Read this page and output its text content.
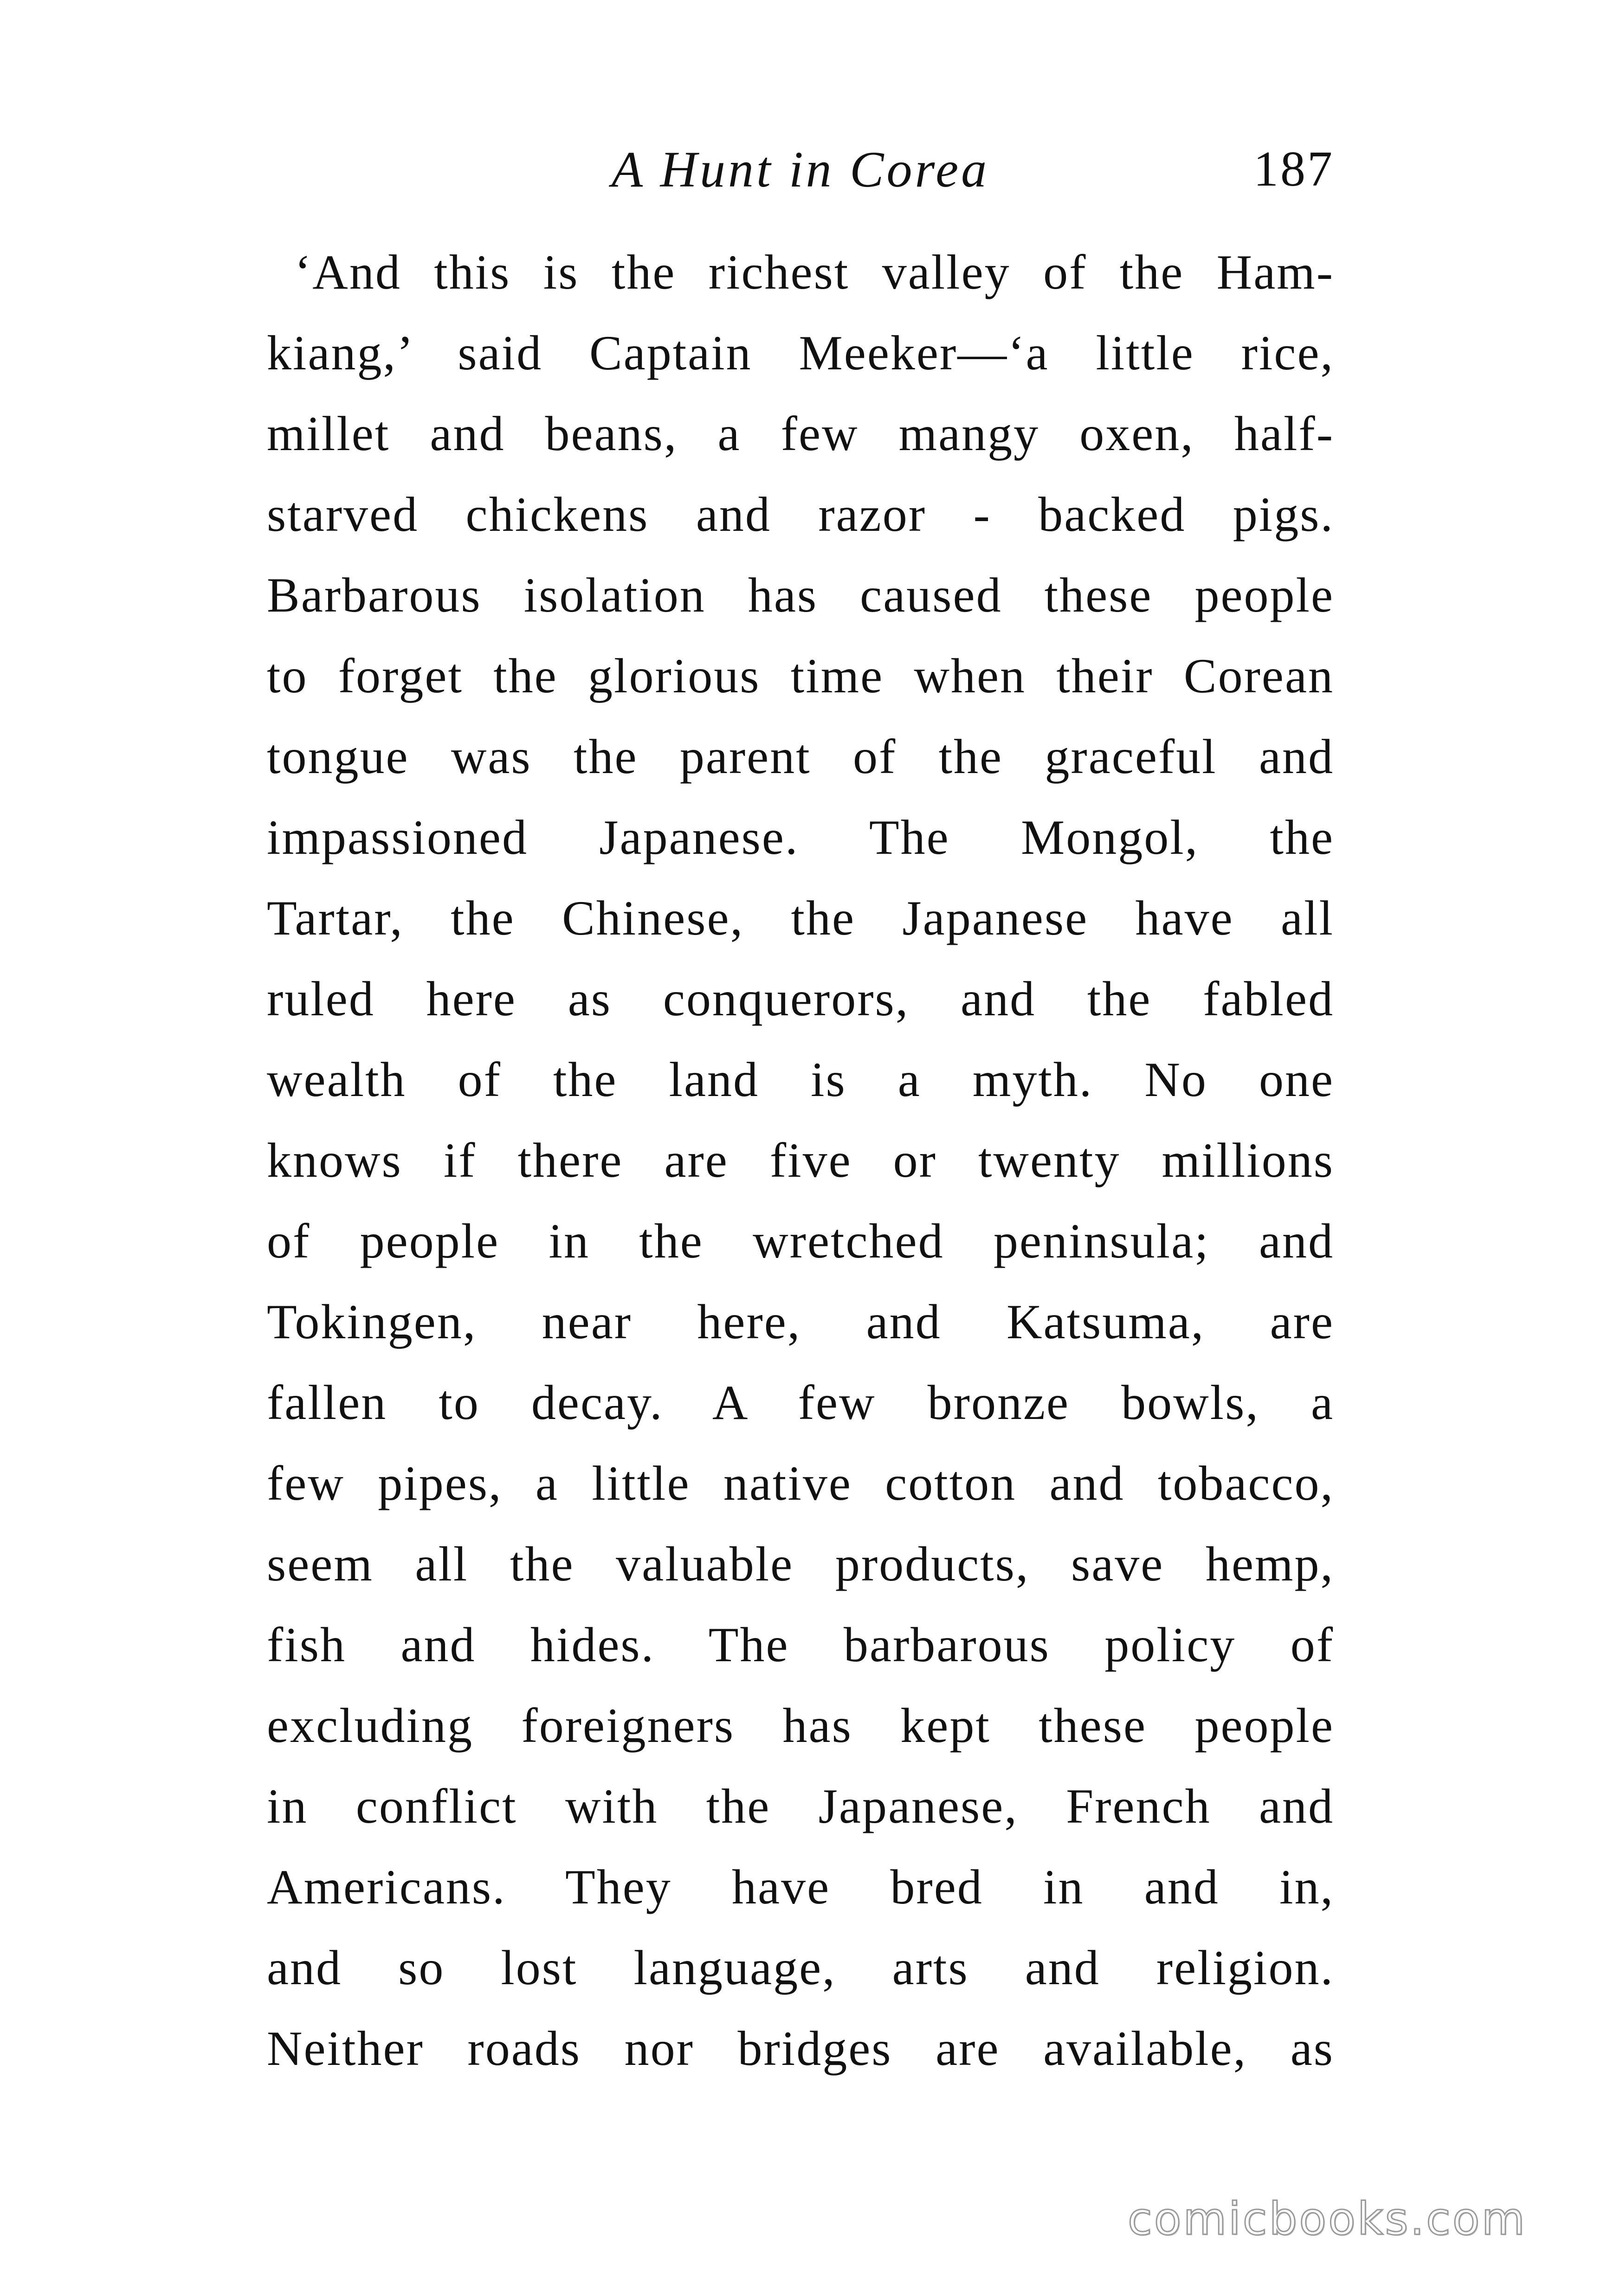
A Hunt in Corea	187
‘And this is the richest valley of the Ham-
kiang,’ said Captain Meeker—‘a little rice,
millet and beans, a few mangy oxen, half-
starved chickens and razor - backed pigs.
Barbarous isolation has caused these people
to forget the glorious time when their Corean
tongue was the parent of the graceful and
impassioned Japanese. The Mongol, the
Tartar, the Chinese, the Japanese have all
ruled here as conquerors, and the fabled
wealth of the land is a myth. No one
knows if there are five or twenty millions
of people in the wretched peninsula; and
Tokingen, near here, and Katsuma, are
fallen to decay. A few bronze bowls, a
few pipes, a little native cotton and tobacco,
seem all the valuable products, save hemp,
fish and hides. The barbarous policy of
excluding foreigners has kept these people
in conflict with the Japanese, French and
Americans. They have bred in and in,
and so lost language, arts and religion.
Neither roads nor bridges are available, as
comicbooks.com
